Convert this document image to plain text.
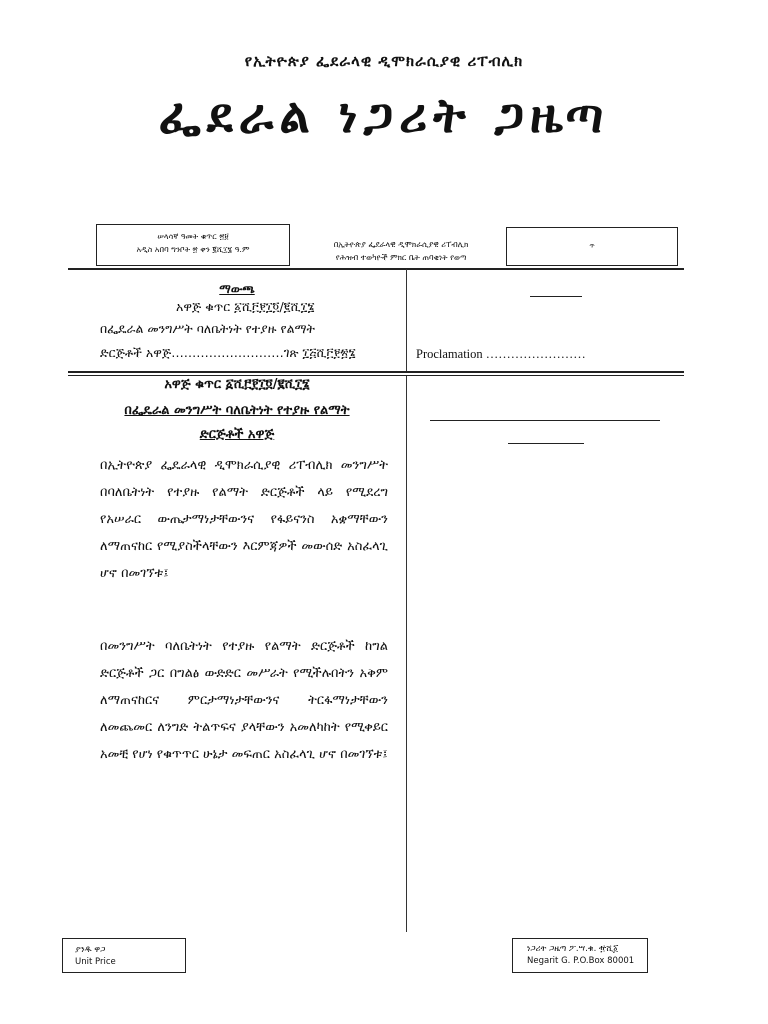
የኢትዮጵያ ፌደራላዊ ዲሞክራሲያዊ ሪፐብሊክ
ፌደራል ነጋሪት ጋዜጣ
ሠላሳኛ ዓመት ቁጥር ፳፱
አዲስ አበባ ግንቦት ፳ ቀን ፪ሺ፲፮ ዓ.ም
በኢትዮጵያ ፌደራላዊ ዲሞክራሲያዊ ሪፐብሊክ
የሕዝብ ተወካዮች ምክር ቤት ጠባቂነት የወጣ
ጥ
ማውጫ
አዋጅ ቁጥር ፩ሺ፫፻፲፬/፪ሺ፲፮
በፌዴራል መንግሥት ባለቤትነት የተያዙ የልማት
ድርጅቶች አዋጅ………………………ገጽ ፲፭ሺ፫፻፳፮	Proclamation ……………………
አዋጅ ቁጥር ፩ሺ፫፻፲፬/፪ሺ፲፮
በፌዴራል መንግሥት ባለቤትነት የተያዙ የልማት
ድርጅቶች አዋጅ
በኢትዮጵያ ፌዴራላዊ ዲሞክራሲያዊ ሪፐብሊክ መንግሥት በባለቤትነት የተያዙ የልማት ድርጅቶች ላይ የሚደረግ የአሠራር ውጤታማነታቸውንና የፋይናንስ አቋማቸውን ለማጠናከር የሚያስችላቸውን እርምጃዎች መውሰድ አስፈላጊ ሆኖ በመገኘቱ፤
በመንግሥት ባለቤትነት የተያዙ የልማት ድርጅቶች ከግል ድርጅቶች ጋር በግልፅ ውድድር መሥራት የሚችሉበትን አቅም ለማጠናከርና ምርታማነታቸውንና ትርፋማነታቸውን ለመጨመር ለንግድ ትልጥፍና ያላቸውን አመለካከት የሚቀይር አመቺ የሆነ የቁጥጥር ሁኔታ መፍጠር አስፈላጊ ሆኖ በመገኘቱ፤
ያንዱ ዋጋ
Unit Price
ነጋሪት ጋዜጣ ፖ.ሣ.ቁ. ፹ሺ፩
Negarit G. P.O.Box 80001
